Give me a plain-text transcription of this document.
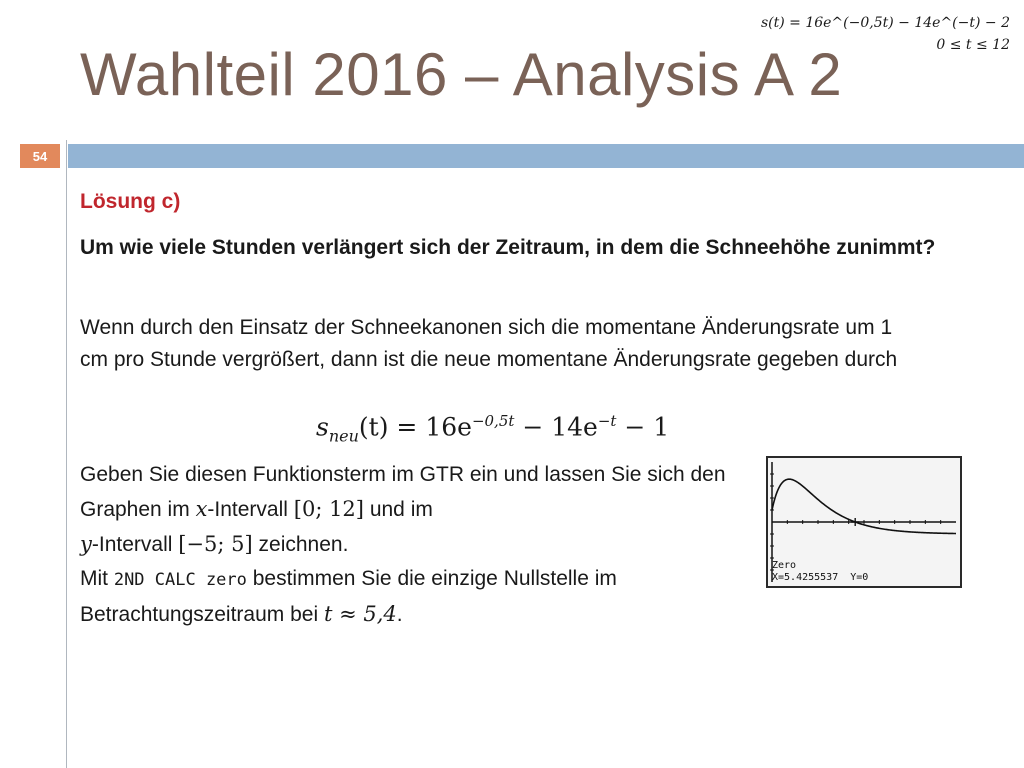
s(t) = 16e^(−0,5t) − 14e^(−t) − 2
0 ≤ t ≤ 12
Wahlteil 2016 – Analysis A 2
54
Lösung c)

Um wie viele Stunden verlängert sich der Zeitraum, in dem die Schneehöhe zunimmt?

Wenn durch den Einsatz der Schneekanonen sich die momentane Änderungsrate um 1 cm pro Stunde vergrößert, dann ist die neue momentane Änderungsrate gegeben durch

$s_{neu}(t) = 16e^{-0,5t} - 14e^{-t} - 1$

Geben Sie diesen Funktionsterm im GTR ein und lassen Sie sich den Graphen im x-Intervall [0; 12] und im
y-Intervall [−5; 5] zeichnen.
Mit 2ND CALC zero bestimmen Sie die einzige Nullstelle im
Betrachtungszeitraum bei t ≈ 5,4.

Zero
X=5.4255537  Y=0
